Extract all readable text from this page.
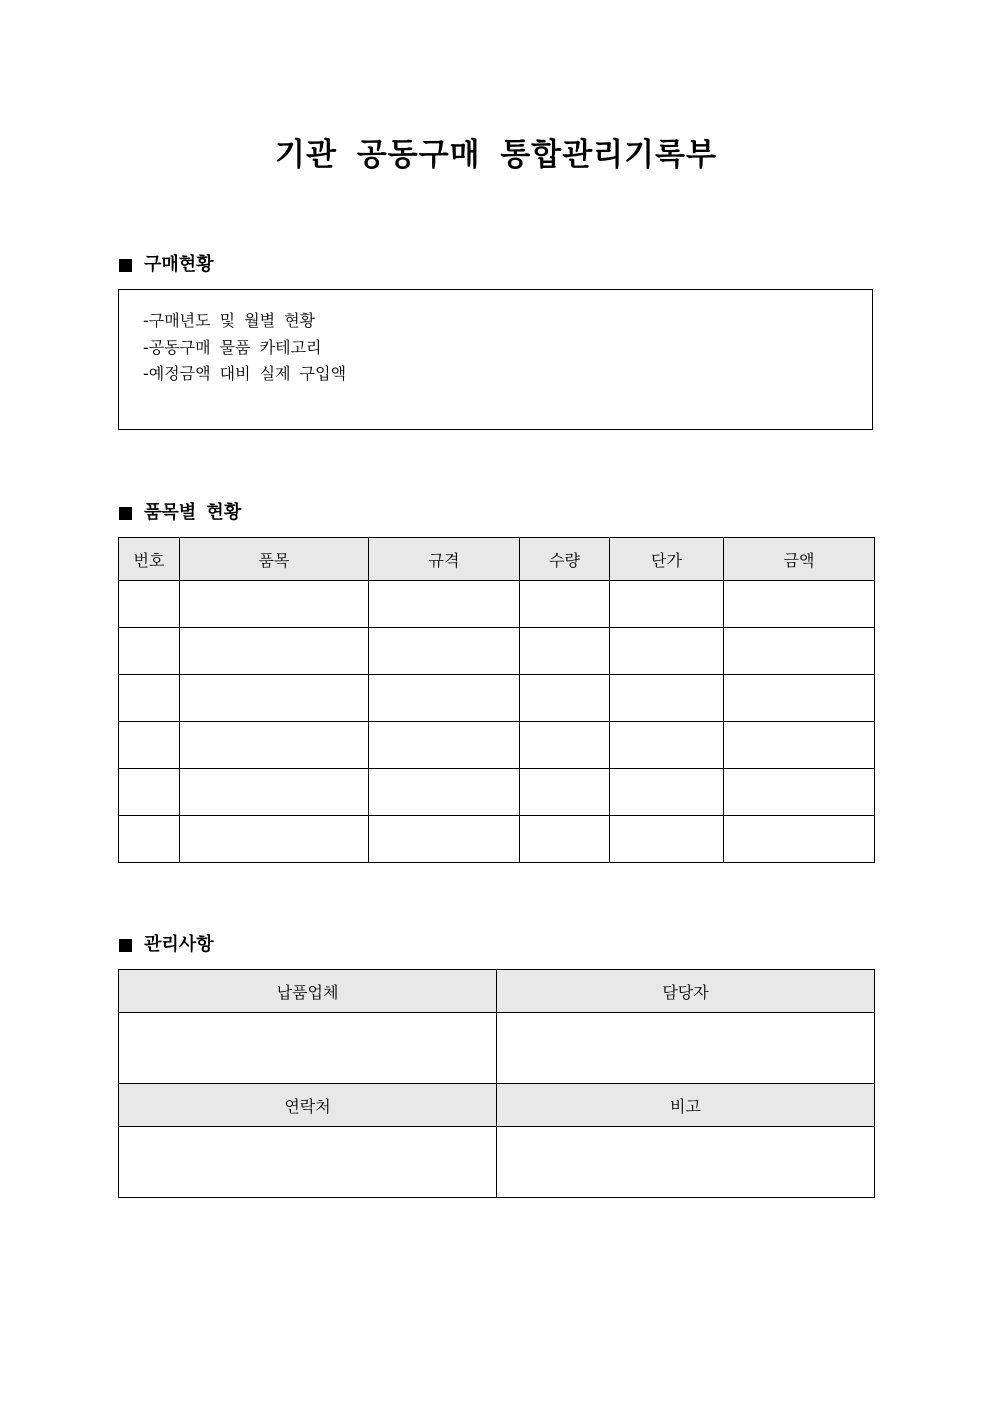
기관 공동구매 통합관리기록부
구매현황
-구매년도 및 월별 현황
-공동구매 물품 카테고리
-예정금액 대비 실제 구입액
품목별 현황
번호	품목	규격	수량	단가	금액

관리사항
납품업체	담당자

연락처	비고
